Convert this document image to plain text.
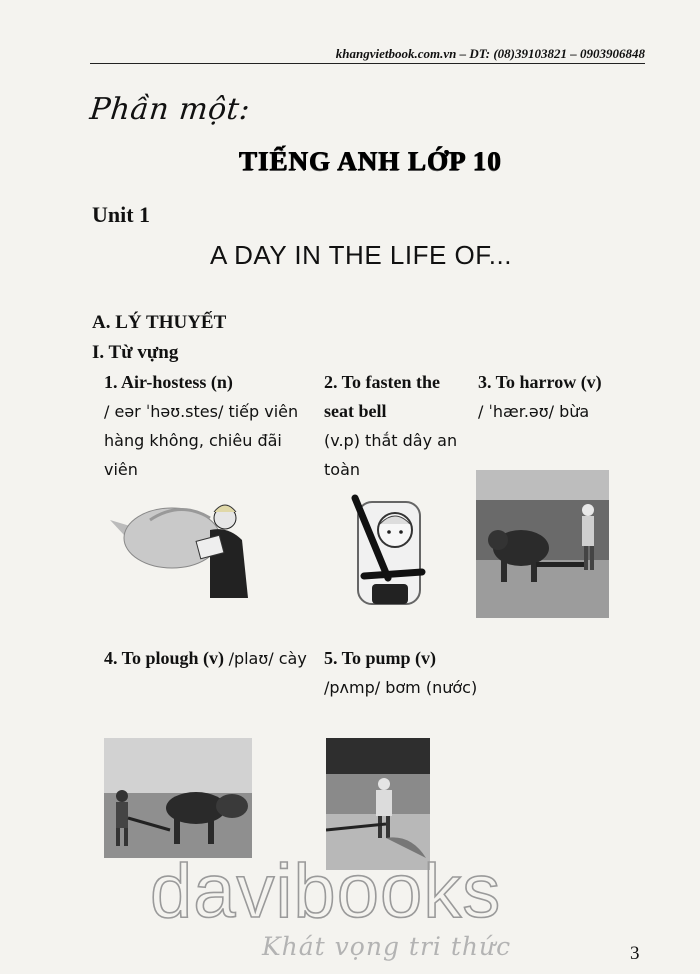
khangvietbook.com.vn – DT: (08)39103821 – 0903906848
Phần một:
TIẾNG ANH LỚP 10
Unit 1
A DAY IN THE LIFE OF...
A. LÝ THUYẾT
I. Từ vựng
1. Air-hostess (n)
/ eər ˈhəʊ.stes/ tiếp viên hàng không, chiêu đãi viên
2. To fasten the seat bell
(v.p) thắt dây an toàn
3. To harrow (v)
/ ˈhær.əʊ/ bừa
4. To plough (v) /plaʊ/ cày 5. To pump (v)
/pʌmp/ bơm (nước)
davibooks
Khát vọng tri thức	3
